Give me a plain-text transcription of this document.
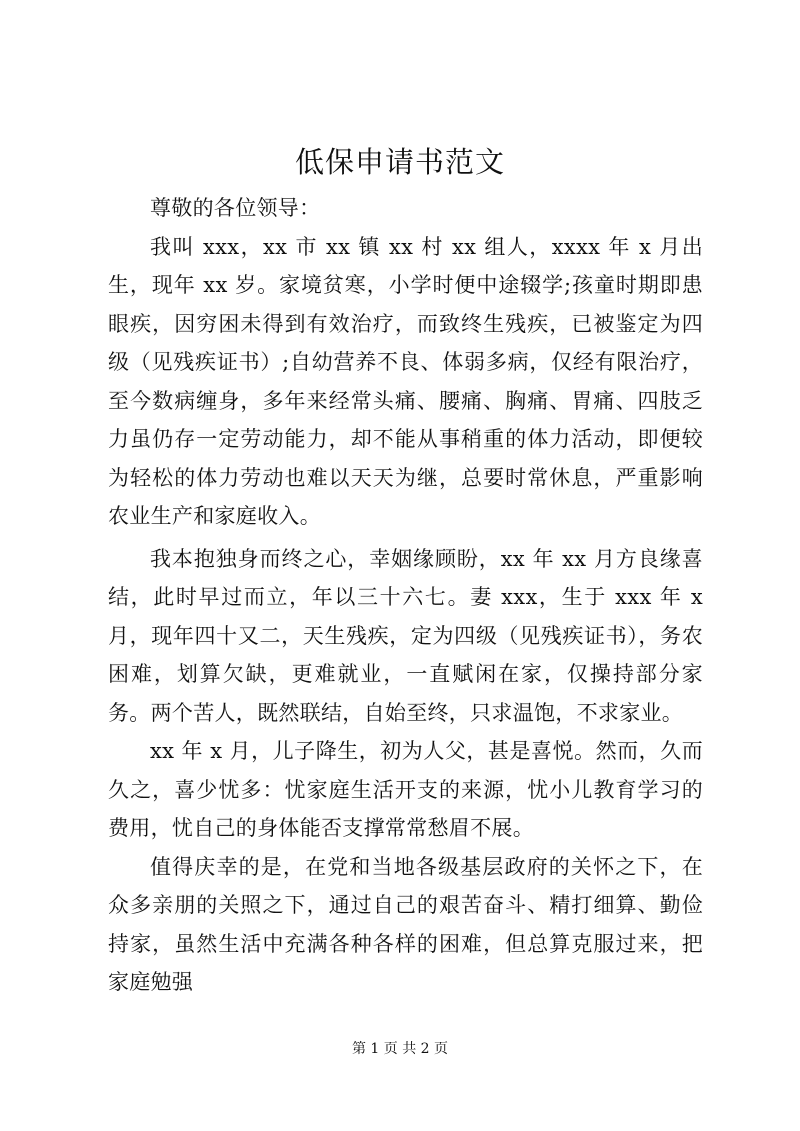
低保申请书范文

尊敬的各位领导：

我叫 xxx，xx 市 xx 镇 xx 村 xx 组人，xxxx 年 x 月出生，现年 xx 岁。家境贫寒，小学时便中途辍学;孩童时期即患眼疾，因穷困未得到有效治疗，而致终生残疾，已被鉴定为四级（见残疾证书）;自幼营养不良、体弱多病，仅经有限治疗，至今数病缠身，多年来经常头痛、腰痛、胸痛、胃痛、四肢乏力虽仍存一定劳动能力，却不能从事稍重的体力活动，即便较为轻松的体力劳动也难以天天为继，总要时常休息，严重影响农业生产和家庭收入。

我本抱独身而终之心，幸姻缘顾盼，xx 年 xx 月方良缘喜结，此时早过而立，年以三十六七。妻 xxx，生于 xxx 年 x 月，现年四十又二，天生残疾，定为四级（见残疾证书），务农困难，划算欠缺，更难就业，一直赋闲在家，仅操持部分家务。两个苦人，既然联结，自始至终，只求温饱，不求家业。

xx 年 x 月，儿子降生，初为人父，甚是喜悦。然而，久而久之，喜少忧多：忧家庭生活开支的来源，忧小儿教育学习的费用，忧自己的身体能否支撑常常愁眉不展。

值得庆幸的是，在党和当地各级基层政府的关怀之下，在众多亲朋的关照之下，通过自己的艰苦奋斗、精打细算、勤俭持家，虽然生活中充满各种各样的困难，但总算克服过来，把家庭勉强

第 1 页 共 2 页
